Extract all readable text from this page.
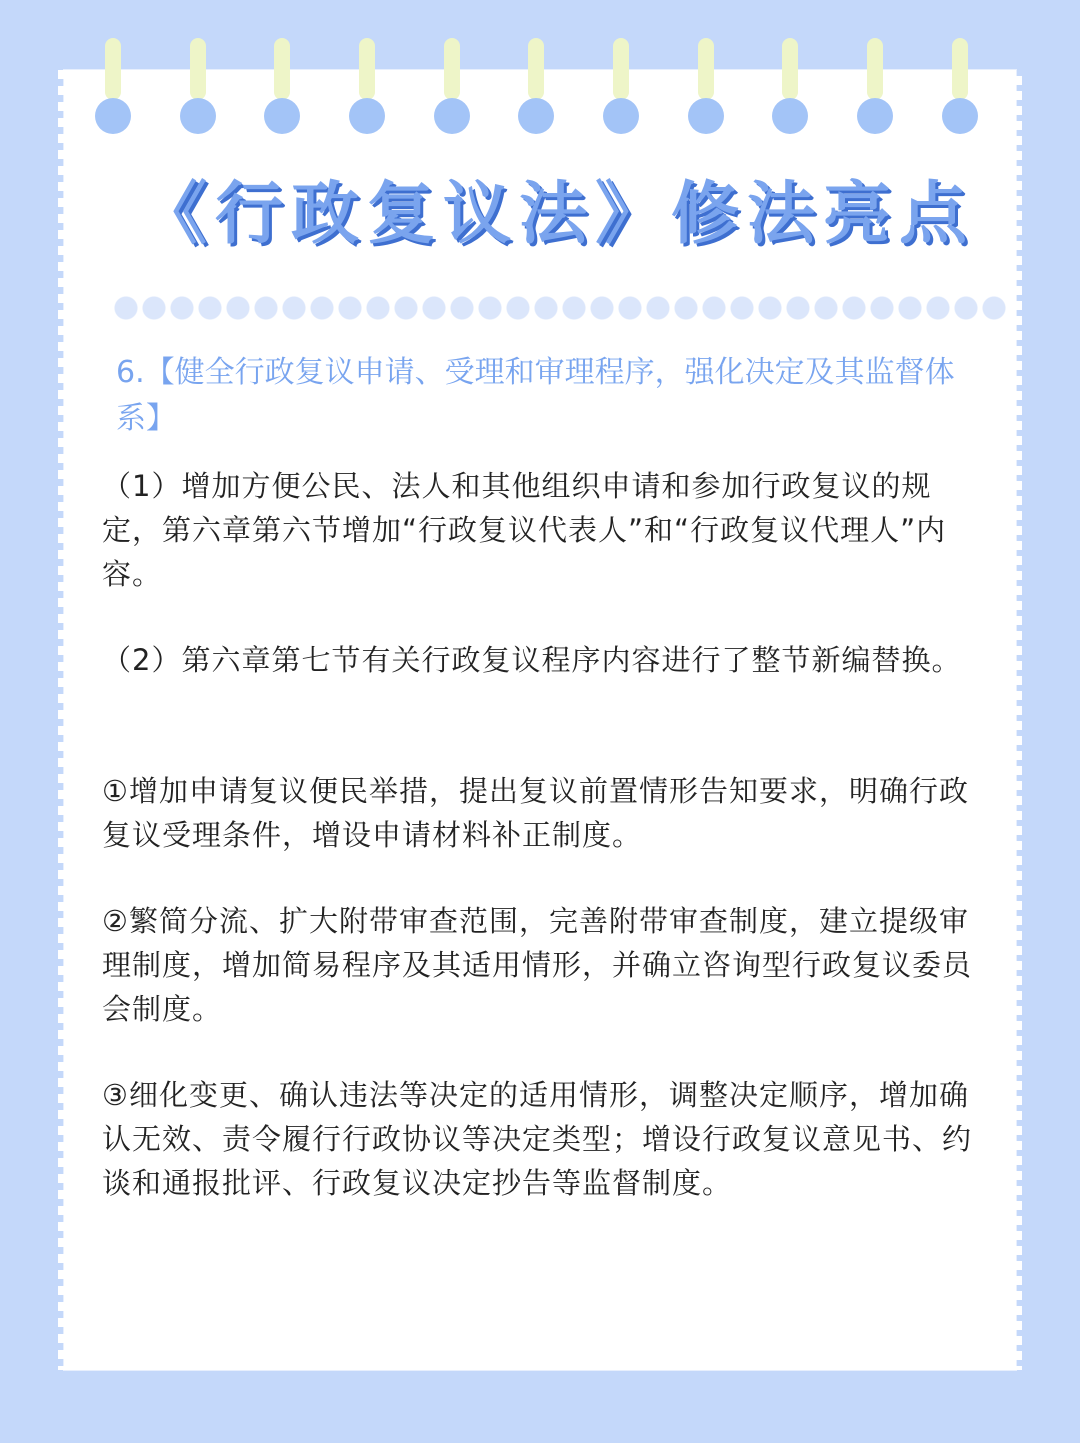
《行政复议法》修法亮点

6.【健全行政复议申请、受理和审理程序，强化决定及其监督体系】

（1）增加方便公民、法人和其他组织申请和参加行政复议的规定，第六章第六节增加“行政复议代表人”和“行政复议代理人”内容。

（2）第六章第七节有关行政复议程序内容进行了整节新编替换。

①增加申请复议便民举措，提出复议前置情形告知要求，明确行政复议受理条件，增设申请材料补正制度。

②繁简分流、扩大附带审查范围，完善附带审查制度，建立提级审理制度，增加简易程序及其适用情形，并确立咨询型行政复议委员会制度。

③细化变更、确认违法等决定的适用情形，调整决定顺序，增加确认无效、责令履行行政协议等决定类型；增设行政复议意见书、约谈和通报批评、行政复议决定抄告等监督制度。
